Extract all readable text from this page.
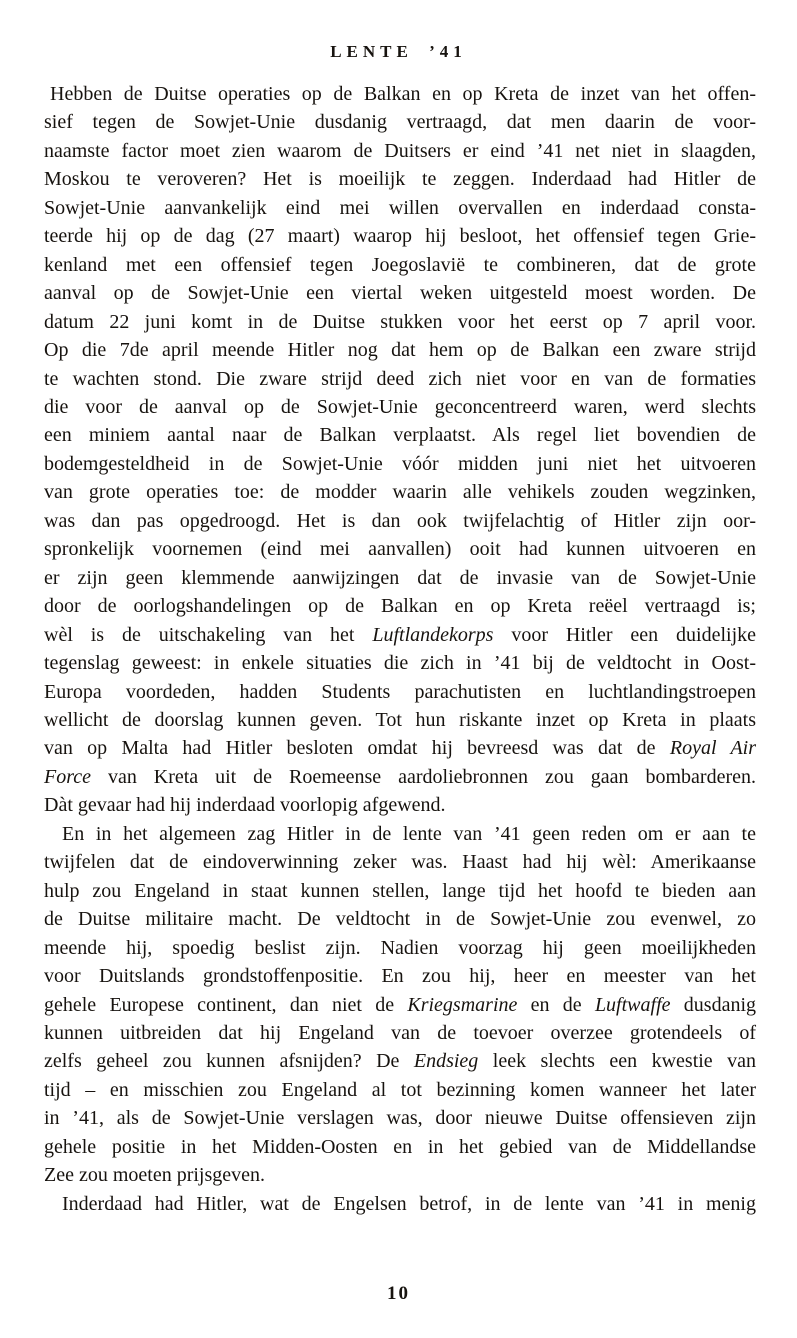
LENTE ’41
Hebben de Duitse operaties op de Balkan en op Kreta de inzet van het offen-
sief tegen de Sowjet-Unie dusdanig vertraagd, dat men daarin de voor-
naamste factor moet zien waarom de Duitsers er eind ’41 net niet in slaagden,
Moskou te veroveren? Het is moeilijk te zeggen. Inderdaad had Hitler de
Sowjet-Unie aanvankelijk eind mei willen overvallen en inderdaad consta-
teerde hij op de dag (27 maart) waarop hij besloot, het offensief tegen Grie-
kenland met een offensief tegen Joegoslavië te combineren, dat de grote
aanval op de Sowjet-Unie een viertal weken uitgesteld moest worden. De
datum 22 juni komt in de Duitse stukken voor het eerst op 7 april voor.
Op die 7de april meende Hitler nog dat hem op de Balkan een zware strijd
te wachten stond. Die zware strijd deed zich niet voor en van de formaties
die voor de aanval op de Sowjet-Unie geconcentreerd waren, werd slechts
een miniem aantal naar de Balkan verplaatst. Als regel liet bovendien de
bodemgesteldheid in de Sowjet-Unie vóór midden juni niet het uitvoeren
van grote operaties toe: de modder waarin alle vehikels zouden wegzinken,
was dan pas opgedroogd. Het is dan ook twijfelachtig of Hitler zijn oor-
spronkelijk voornemen (eind mei aanvallen) ooit had kunnen uitvoeren en
er zijn geen klemmende aanwijzingen dat de invasie van de Sowjet-Unie
door de oorlogshandelingen op de Balkan en op Kreta reëel vertraagd is;
wèl is de uitschakeling van het Luftlandekorps voor Hitler een duidelijke
tegenslag geweest: in enkele situaties die zich in ’41 bij de veldtocht in Oost-
Europa voordeden, hadden Students parachutisten en luchtlandingstroepen
wellicht de doorslag kunnen geven. Tot hun riskante inzet op Kreta in plaats
van op Malta had Hitler besloten omdat hij bevreesd was dat de Royal Air
Force van Kreta uit de Roemeense aardoliebronnen zou gaan bombarderen.
Dàt gevaar had hij inderdaad voorlopig afgewend.
En in het algemeen zag Hitler in de lente van ’41 geen reden om er aan te
twijfelen dat de eindoverwinning zeker was. Haast had hij wèl: Amerikaanse
hulp zou Engeland in staat kunnen stellen, lange tijd het hoofd te bieden aan
de Duitse militaire macht. De veldtocht in de Sowjet-Unie zou evenwel, zo
meende hij, spoedig beslist zijn. Nadien voorzag hij geen moeilijkheden
voor Duitslands grondstoffenpositie. En zou hij, heer en meester van het
gehele Europese continent, dan niet de Kriegsmarine en de Luftwaffe dusdanig
kunnen uitbreiden dat hij Engeland van de toevoer overzee grotendeels of
zelfs geheel zou kunnen afsnijden? De Endsieg leek slechts een kwestie van
tijd – en misschien zou Engeland al tot bezinning komen wanneer het later
in ’41, als de Sowjet-Unie verslagen was, door nieuwe Duitse offensieven zijn
gehele positie in het Midden-Oosten en in het gebied van de Middellandse
Zee zou moeten prijsgeven.
Inderdaad had Hitler, wat de Engelsen betrof, in de lente van ’41 in menig
10
